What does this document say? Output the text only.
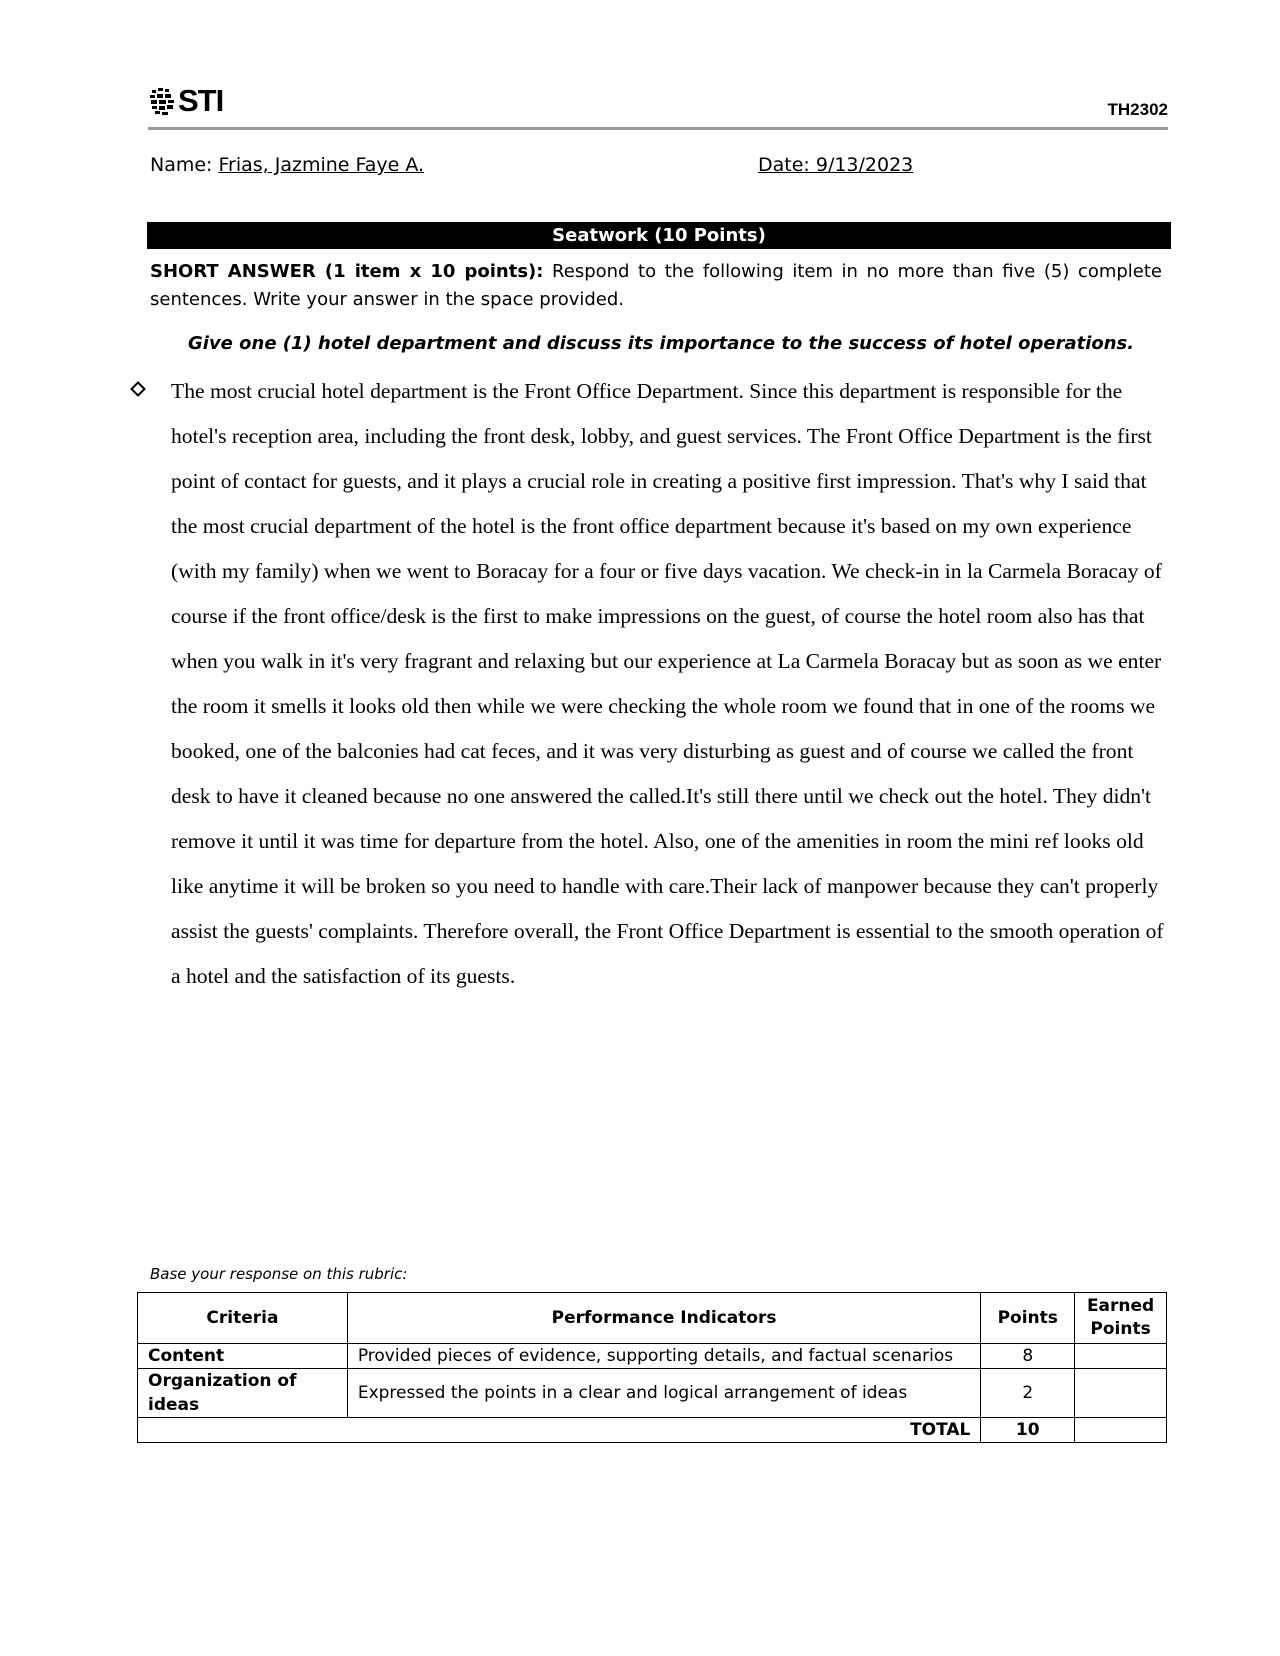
STI	TH2302
Name: Frias, Jazmine Faye A.	Date: 9/13/2023
Seatwork (10 Points)
SHORT ANSWER (1 item x 10 points): Respond to the following item in no more than five (5) complete sentences. Write your answer in the space provided.
Give one (1) hotel department and discuss its importance to the success of hotel operations.
The most crucial hotel department is the Front Office Department. Since this department is responsible for the hotel's reception area, including the front desk, lobby, and guest services. The Front Office Department is the first point of contact for guests, and it plays a crucial role in creating a positive first impression. That's why I said that the most crucial department of the hotel is the front office department because it's based on my own experience (with my family) when we went to Boracay for a four or five days vacation. We check-in in la Carmela Boracay of course if the front office/desk is the first to make impressions on the guest, of course the hotel room also has that when you walk in it's very fragrant and relaxing but our experience at La Carmela Boracay but as soon as we enter the room it smells it looks old then while we were checking the whole room we found that in one of the rooms we booked, one of the balconies had cat feces, and it was very disturbing as guest and of course we called the front desk to have it cleaned because no one answered the called.It's still there until we check out the hotel. They didn't remove it until it was time for departure from the hotel. Also, one of the amenities in room the mini ref looks old like anytime it will be broken so you need to handle with care.Their lack of manpower because they can't properly assist the guests' complaints. Therefore overall, the Front Office Department is essential to the smooth operation of a hotel and the satisfaction of its guests.
Base your response on this rubric:
Criteria	Performance Indicators	Points	Earned Points
Content	Provided pieces of evidence, supporting details, and factual scenarios	8	
Organization of ideas	Expressed the points in a clear and logical arrangement of ideas	2	
TOTAL		10	
